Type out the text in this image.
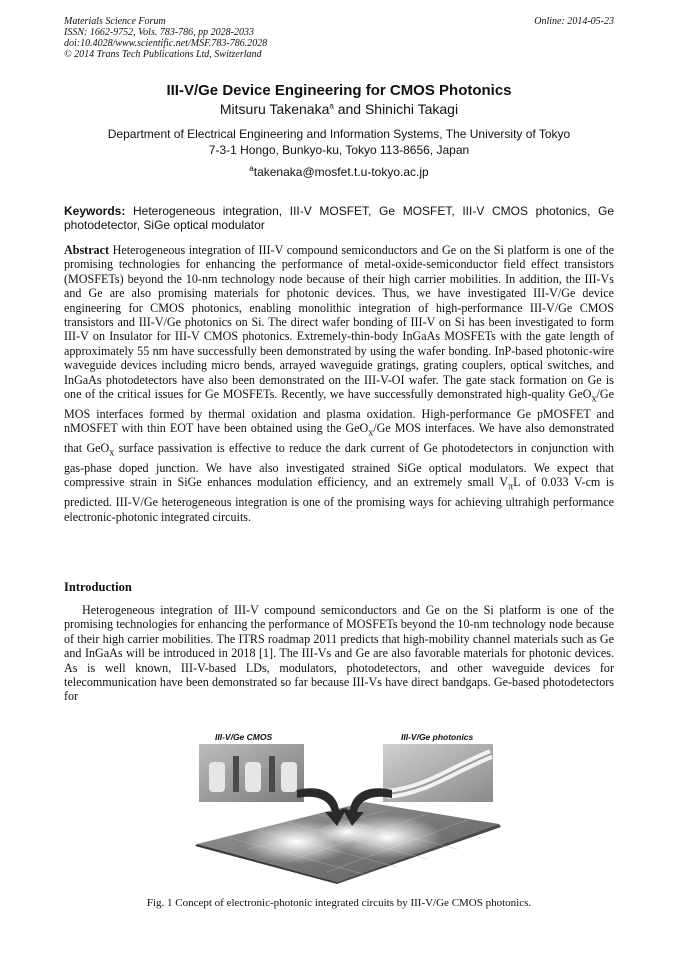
Materials Science Forum
ISSN: 1662-9752, Vols. 783-786, pp 2028-2033
doi:10.4028/www.scientific.net/MSF.783-786.2028
© 2014 Trans Tech Publications Ltd, Switzerland
Online: 2014-05-23
III-V/Ge Device Engineering for CMOS Photonics
Mitsuru Takenaka$^a$ and Shinichi Takagi
Department of Electrical Engineering and Information Systems, The University of Tokyo
7-3-1 Hongo, Bunkyo-ku, Tokyo 113-8656, Japan
$^a$takenaka@mosfet.t.u-tokyo.ac.jp
Keywords: Heterogeneous integration, III-V MOSFET, Ge MOSFET, III-V CMOS photonics, Ge photodetector, SiGe optical modulator
Abstract Heterogeneous integration of III-V compound semiconductors and Ge on the Si platform is one of the promising technologies for enhancing the performance of metal-oxide-semiconductor field effect transistors (MOSFETs) beyond the 10-nm technology node because of their high carrier mobilities. In addition, the III-Vs and Ge are also promising materials for photonic devices. Thus, we have investigated III-V/Ge device engineering for CMOS photonics, enabling monolithic integration of high-performance III-V/Ge CMOS transistors and III-V/Ge photonics on Si. The direct wafer bonding of III-V on Si has been investigated to form III-V on Insulator for III-V CMOS photonics. Extremely-thin-body InGaAs MOSFETs with the gate length of approximately 55 nm have successfully been demonstrated by using the wafer bonding. InP-based photonic-wire waveguide devices including micro bends, arrayed waveguide gratings, grating couplers, optical switches, and InGaAs photodetectors have also been demonstrated on the III-V-OI wafer. The gate stack formation on Ge is one of the critical issues for Ge MOSFETs. Recently, we have successfully demonstrated high-quality GeO$_x$/Ge MOS interfaces formed by thermal oxidation and plasma oxidation. High-performance Ge pMOSFET and nMOSFET with thin EOT have been obtained using the GeO$_x$/Ge MOS interfaces. We have also demonstrated that GeO$_x$ surface passivation is effective to reduce the dark current of Ge photodetectors in conjunction with gas-phase doped junction. We have also investigated strained SiGe optical modulators. We expect that compressive strain in SiGe enhances modulation efficiency, and an extremely small $V_\pi L$ of 0.033 V-cm is predicted. III-V/Ge heterogeneous integration is one of the promising ways for achieving ultrahigh performance electronic-photonic integrated circuits.
Introduction
Heterogeneous integration of III-V compound semiconductors and Ge on the Si platform is one of the promising technologies for enhancing the performance of MOSFETs beyond the 10-nm technology node because of their high carrier mobilities. The ITRS roadmap 2011 predicts that high-mobility channel materials such as Ge and InGaAs will be introduced in 2018 [1]. The III-Vs and Ge are also favorable materials for photonic devices. As is well known, III-V-based LDs, modulators, photodetectors, and other waveguide devices for telecommunication have been demonstrated so far because III-Vs have direct bandgaps. Ge-based photodetectors for
III-V/Ge CMOS	III-V/Ge photonics
Fig. 1 Concept of electronic-photonic integrated circuits by III-V/Ge CMOS photonics.
